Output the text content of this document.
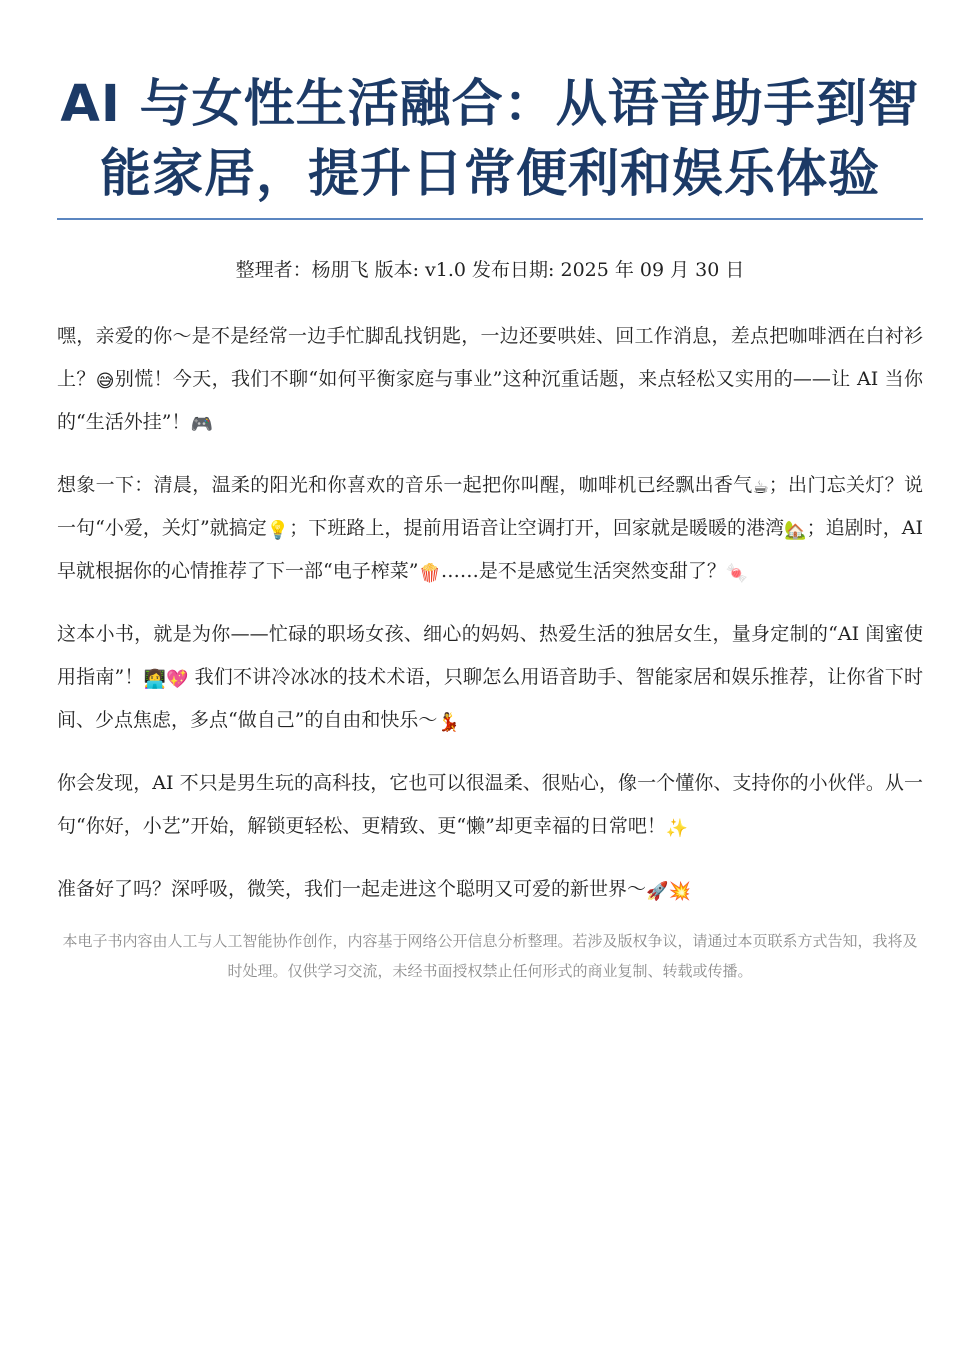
AI 与女性生活融合：从语音助手到智能家居，提升日常便利和娱乐体验
整理者：杨朋飞 版本: v1.0 发布日期: 2025 年 09 月 30 日

嘿，亲爱的你～是不是经常一边手忙脚乱找钥匙，一边还要哄娃、回工作消息，差点把咖啡洒在白衬衫上？😅别慌！今天，我们不聊“如何平衡家庭与事业”这种沉重话题，来点轻松又实用的——让 AI 当你的“生活外挂”！🎮

想象一下：清晨，温柔的阳光和你喜欢的音乐一起把你叫醒，咖啡机已经飘出香气☕；出门忘关灯？说一句“小爱，关灯”就搞定💡；下班路上，提前用语音让空调打开，回家就是暖暖的港湾🏡；追剧时，AI 早就根据你的心情推荐了下一部“电子榨菜”🍿……是不是感觉生活突然变甜了？🍬

这本小书，就是为你——忙碌的职场女孩、细心的妈妈、热爱生活的独居女生，量身定制的“AI 闺蜜使用指南”！👩‍💻💖 我们不讲冷冰冰的技术术语，只聊怎么用语音助手、智能家居和娱乐推荐，让你省下时间、少点焦虑，多点“做自己”的自由和快乐～💃

你会发现，AI 不只是男生玩的高科技，它也可以很温柔、很贴心，像一个懂你、支持你的小伙伴。从一句“你好，小艺”开始，解锁更轻松、更精致、更“懒”却更幸福的日常吧！✨

准备好了吗？深呼吸，微笑，我们一起走进这个聪明又可爱的新世界～🚀💥

本电子书内容由人工与人工智能协作创作，内容基于网络公开信息分析整理。若涉及版权争议，请通过本页联系方式告知，我将及时处理。仅供学习交流，未经书面授权禁止任何形式的商业复制、转载或传播。
